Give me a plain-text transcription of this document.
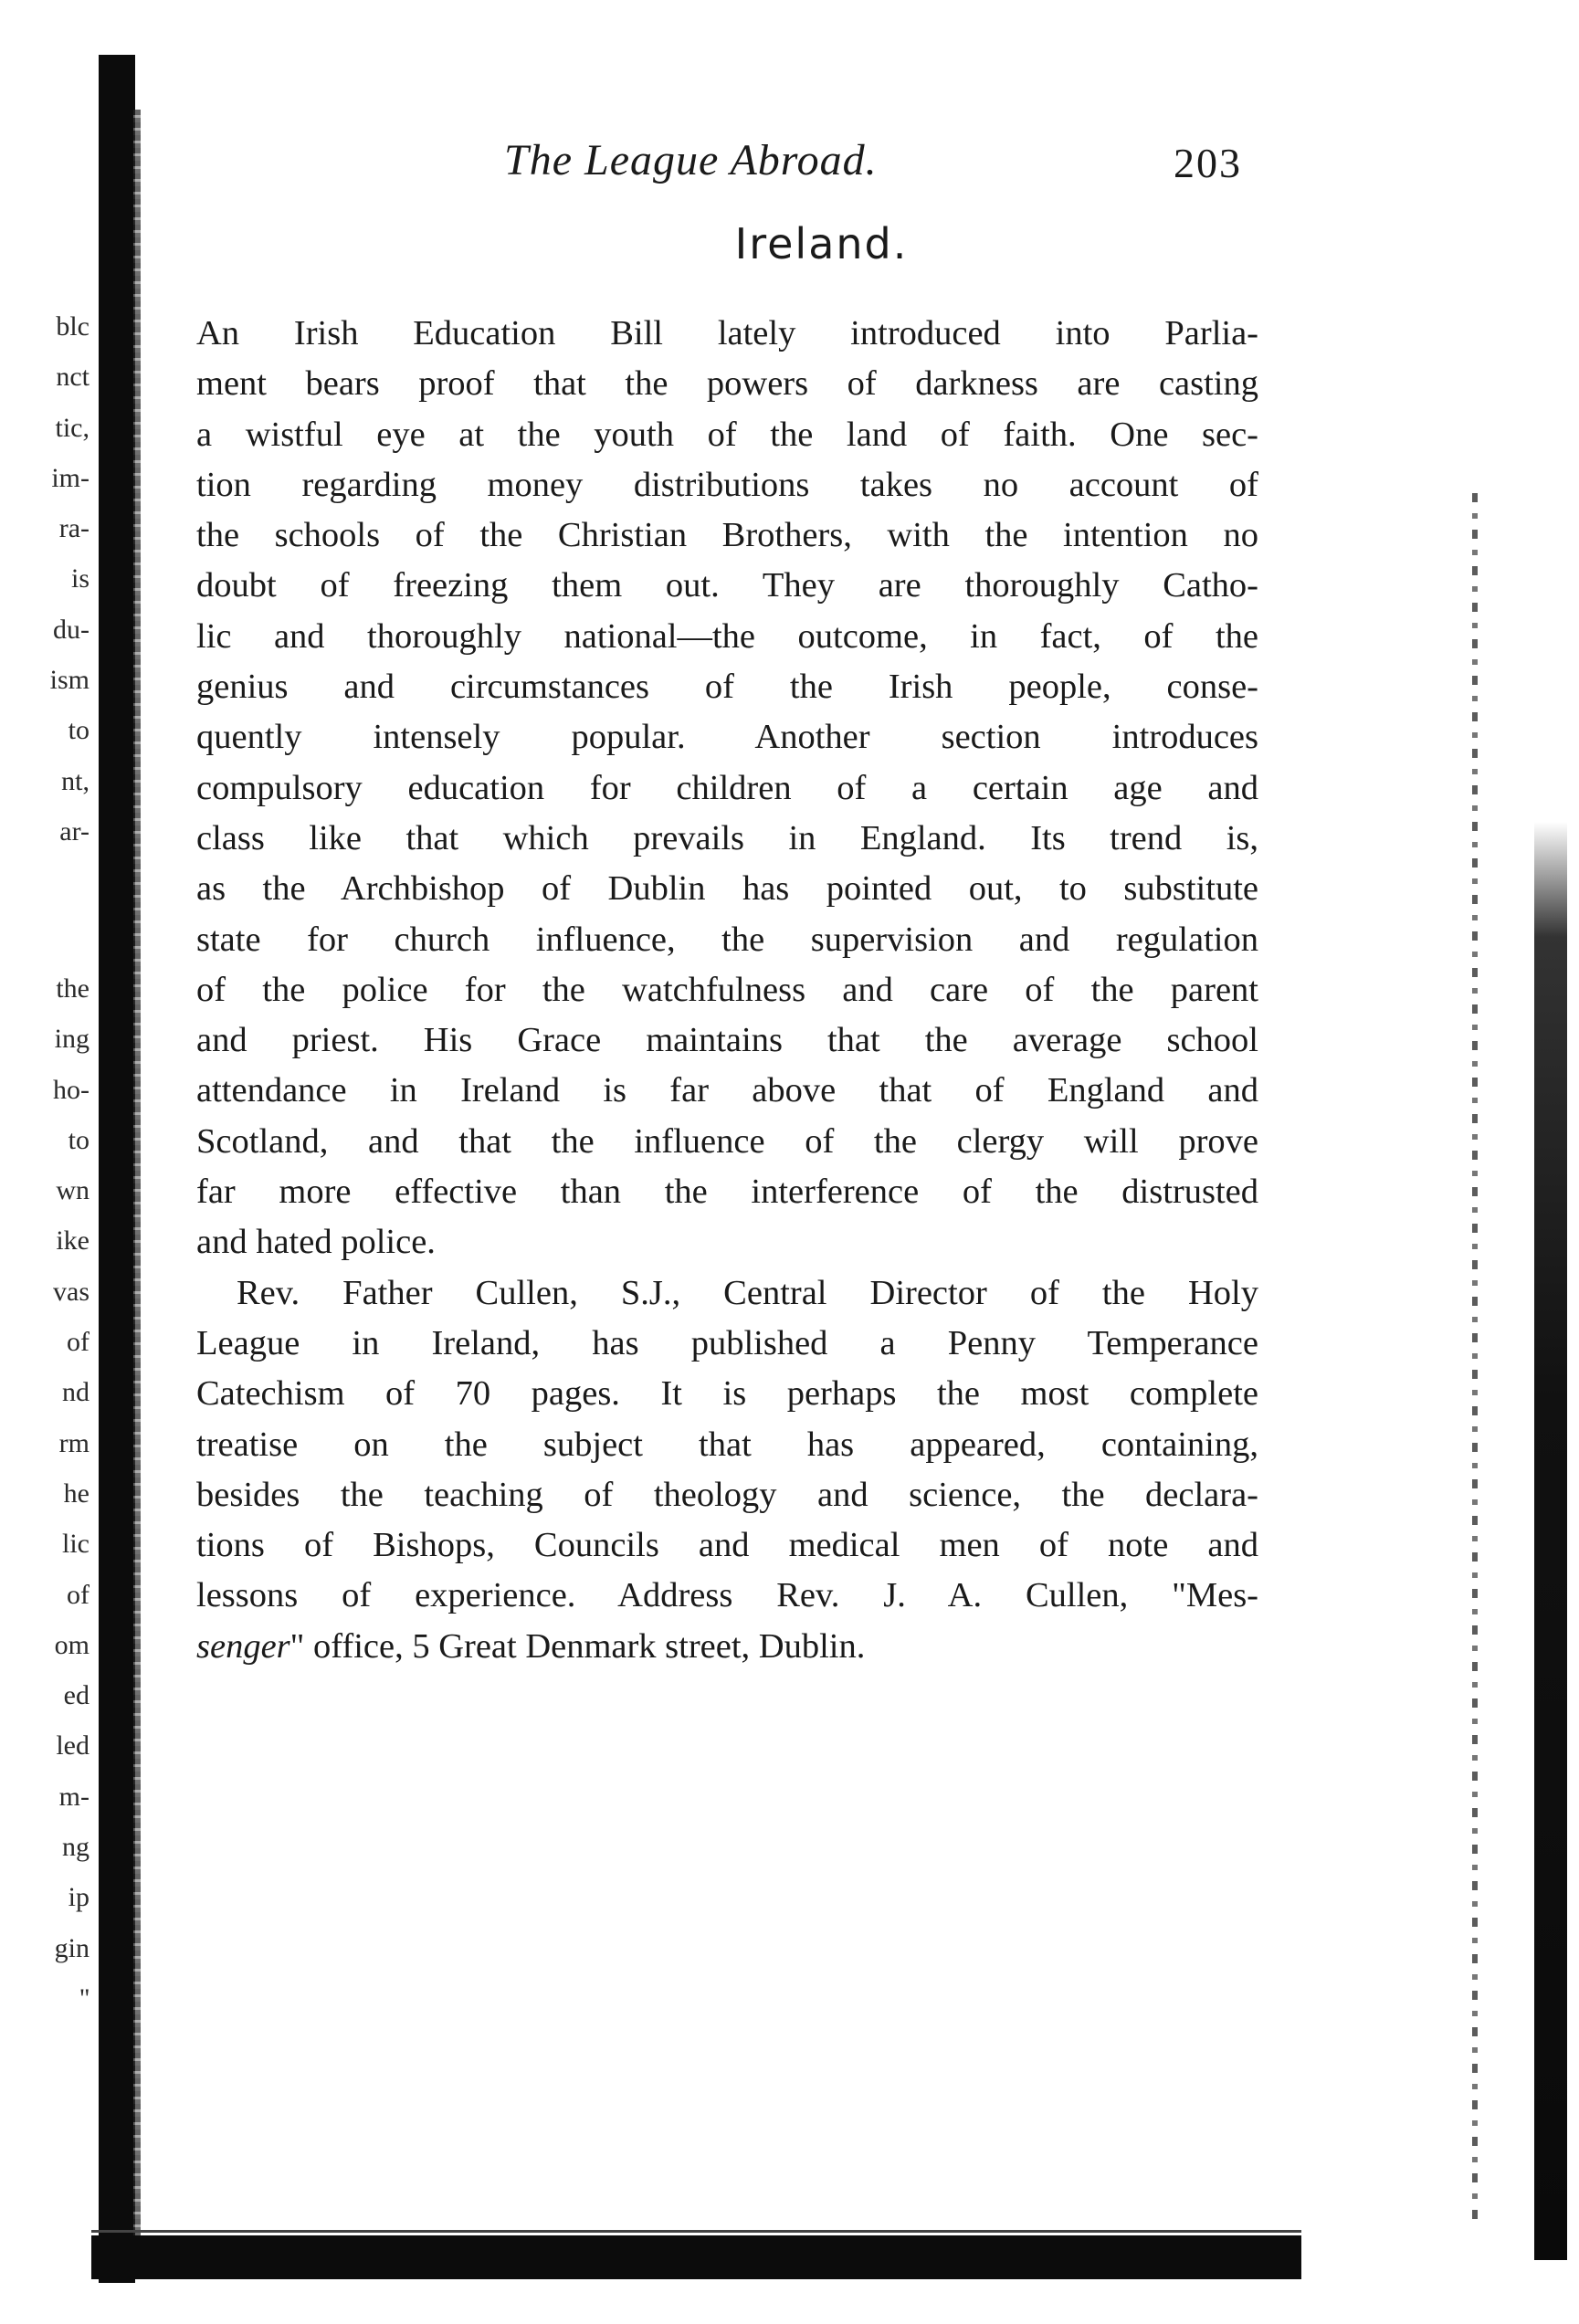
blc
nct
tic,
im-
ra-
is
du-
ism
to
nt,
ar-
the
ing
ho-
to
wn
ike
vas
of
nd
rm
he
lic
of
om
ed
led
m-
ng
ip
gin
''
The League Abroad.	203
Ireland.
An Irish Education Bill lately introduced into Parlia-
ment bears proof that the powers of darkness are casting
a wistful eye at the youth of the land of faith. One sec-
tion regarding money distributions takes no account of
the schools of the Christian Brothers, with the intention no
doubt of freezing them out. They are thoroughly Catho-
lic and thoroughly national—the outcome, in fact, of the
genius and circumstances of the Irish people, conse-
quently intensely popular. Another section introduces
compulsory education for children of a certain age and
class like that which prevails in England. Its trend is,
as the Archbishop of Dublin has pointed out, to substitute
state for church influence, the supervision and regulation
of the police for the watchfulness and care of the parent
and priest. His Grace maintains that the average school
attendance in Ireland is far above that of England and
Scotland, and that the influence of the clergy will prove
far more effective than the interference of the distrusted
and hated police.
Rev. Father Cullen, S.J., Central Director of the Holy
League in Ireland, has published a Penny Temperance
Catechism of 70 pages. It is perhaps the most complete
treatise on the subject that has appeared, containing,
besides the teaching of theology and science, the declara-
tions of Bishops, Councils and medical men of note and
lessons of experience. Address Rev. J. A. Cullen, "Mes-
senger" office, 5 Great Denmark street, Dublin.
